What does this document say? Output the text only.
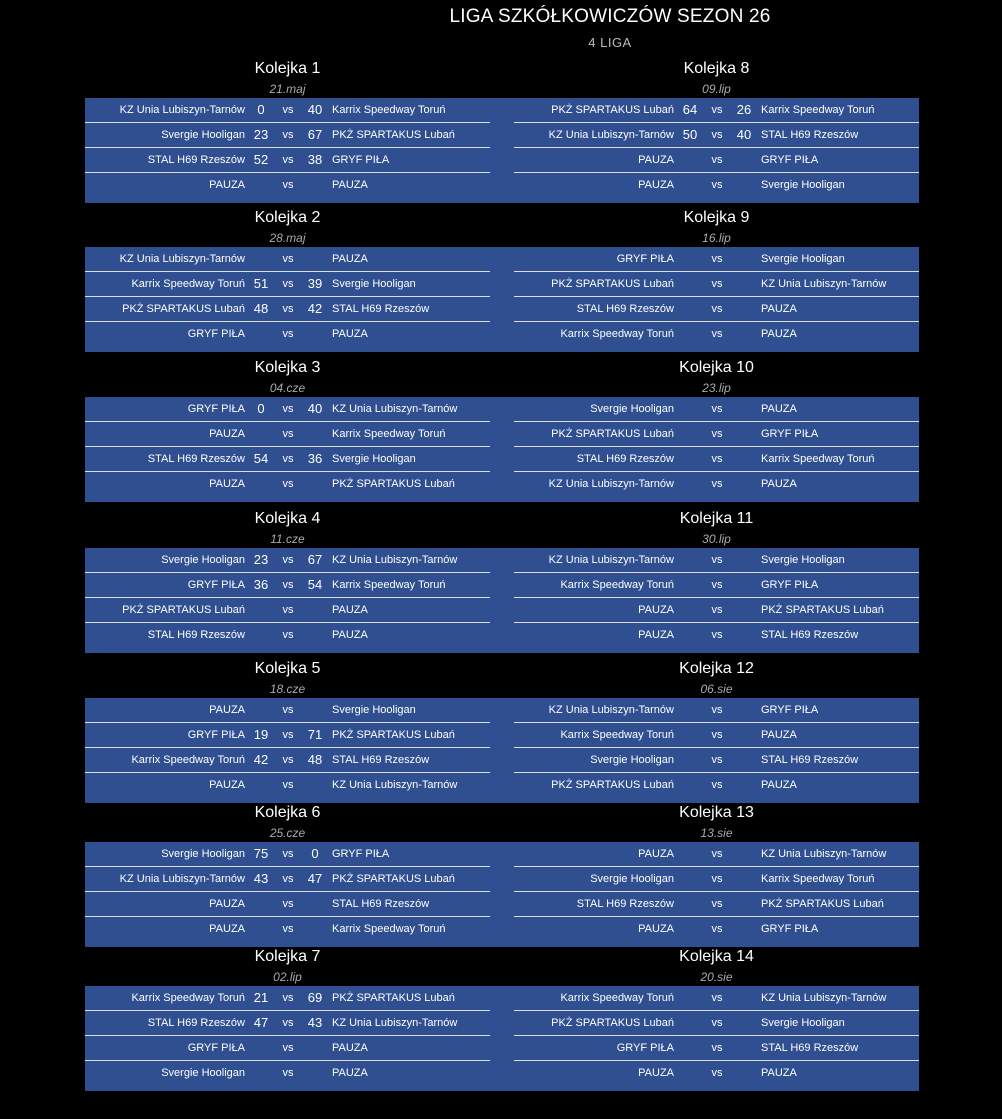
LIGA SZKÓŁKOWICZÓW SEZON 26
4 LIGA
Kolejka 1
21.maj
Kolejka 8
09.lip
KZ Unia Lubiszyn-Tarnów 0	vs	40 Karrix Speedway Toruń
Svergie Hooligan 23	vs	67 PKŻ SPARTAKUS Lubań
STAL H69 Rzeszów 52	vs	38 GRYF PIŁA
PAUZA	vs	PAUZA
PKŻ SPARTAKUS Lubań 64	vs	26 Karrix Speedway Toruń
KZ Unia Lubiszyn-Tarnów 50	vs	40 STAL H69 Rzeszów
PAUZA	vs	GRYF PIŁA
PAUZA	vs	Svergie Hooligan
Kolejka 2
28.maj
Kolejka 9
16.lip
KZ Unia Lubiszyn-Tarnów	vs	PAUZA
Karrix Speedway Toruń 51	vs	39 Svergie Hooligan
PKŻ SPARTAKUS Lubań 48	vs	42 STAL H69 Rzeszów
GRYF PIŁA	vs	PAUZA
GRYF PIŁA	vs	Svergie Hooligan
PKŻ SPARTAKUS Lubań	vs	KZ Unia Lubiszyn-Tarnów
STAL H69 Rzeszów	vs	PAUZA
Karrix Speedway Toruń	vs	PAUZA
Kolejka 3
04.cze
Kolejka 10
23.lip
GRYF PIŁA 0	vs	40 KZ Unia Lubiszyn-Tarnów
PAUZA	vs	Karrix Speedway Toruń
STAL H69 Rzeszów 54	vs	36 Svergie Hooligan
PAUZA	vs	PKŻ SPARTAKUS Lubań
Svergie Hooligan	vs	PAUZA
PKŻ SPARTAKUS Lubań	vs	GRYF PIŁA
STAL H69 Rzeszów	vs	Karrix Speedway Toruń
KZ Unia Lubiszyn-Tarnów	vs	PAUZA
Kolejka 4
11.cze
Kolejka 11
30.lip
Svergie Hooligan 23	vs	67 KZ Unia Lubiszyn-Tarnów
GRYF PIŁA 36	vs	54 Karrix Speedway Toruń
PKŻ SPARTAKUS Lubań	vs	PAUZA
STAL H69 Rzeszów	vs	PAUZA
KZ Unia Lubiszyn-Tarnów	vs	Svergie Hooligan
Karrix Speedway Toruń	vs	GRYF PIŁA
PAUZA	vs	PKŻ SPARTAKUS Lubań
PAUZA	vs	STAL H69 Rzeszów
Kolejka 5
18.cze
Kolejka 12
06.sie
PAUZA	vs	Svergie Hooligan
GRYF PIŁA 19	vs	71 PKŻ SPARTAKUS Lubań
Karrix Speedway Toruń 42	vs	48 STAL H69 Rzeszów
PAUZA	vs	KZ Unia Lubiszyn-Tarnów
KZ Unia Lubiszyn-Tarnów	vs	GRYF PIŁA
Karrix Speedway Toruń	vs	PAUZA
Svergie Hooligan	vs	STAL H69 Rzeszów
PKŻ SPARTAKUS Lubań	vs	PAUZA
Kolejka 6
25.cze
Kolejka 13
13.sie
Svergie Hooligan 75	vs	0	GRYF PIŁA
KZ Unia Lubiszyn-Tarnów 43	vs	47 PKŻ SPARTAKUS Lubań
PAUZA	vs	STAL H69 Rzeszów
PAUZA	vs	Karrix Speedway Toruń
PAUZA	vs	KZ Unia Lubiszyn-Tarnów
Svergie Hooligan	vs	Karrix Speedway Toruń
STAL H69 Rzeszów	vs	PKŻ SPARTAKUS Lubań
PAUZA	vs	GRYF PIŁA
Kolejka 7
02.lip
Kolejka 14
20.sie
Karrix Speedway Toruń 21	vs	69 PKŻ SPARTAKUS Lubań
STAL H69 Rzeszów 47	vs	43 KZ Unia Lubiszyn-Tarnów
GRYF PIŁA	vs	PAUZA
Svergie Hooligan	vs	PAUZA
Karrix Speedway Toruń	vs	KZ Unia Lubiszyn-Tarnów
PKŻ SPARTAKUS Lubań	vs	Svergie Hooligan
GRYF PIŁA	vs	STAL H69 Rzeszów
PAUZA	vs	PAUZA
